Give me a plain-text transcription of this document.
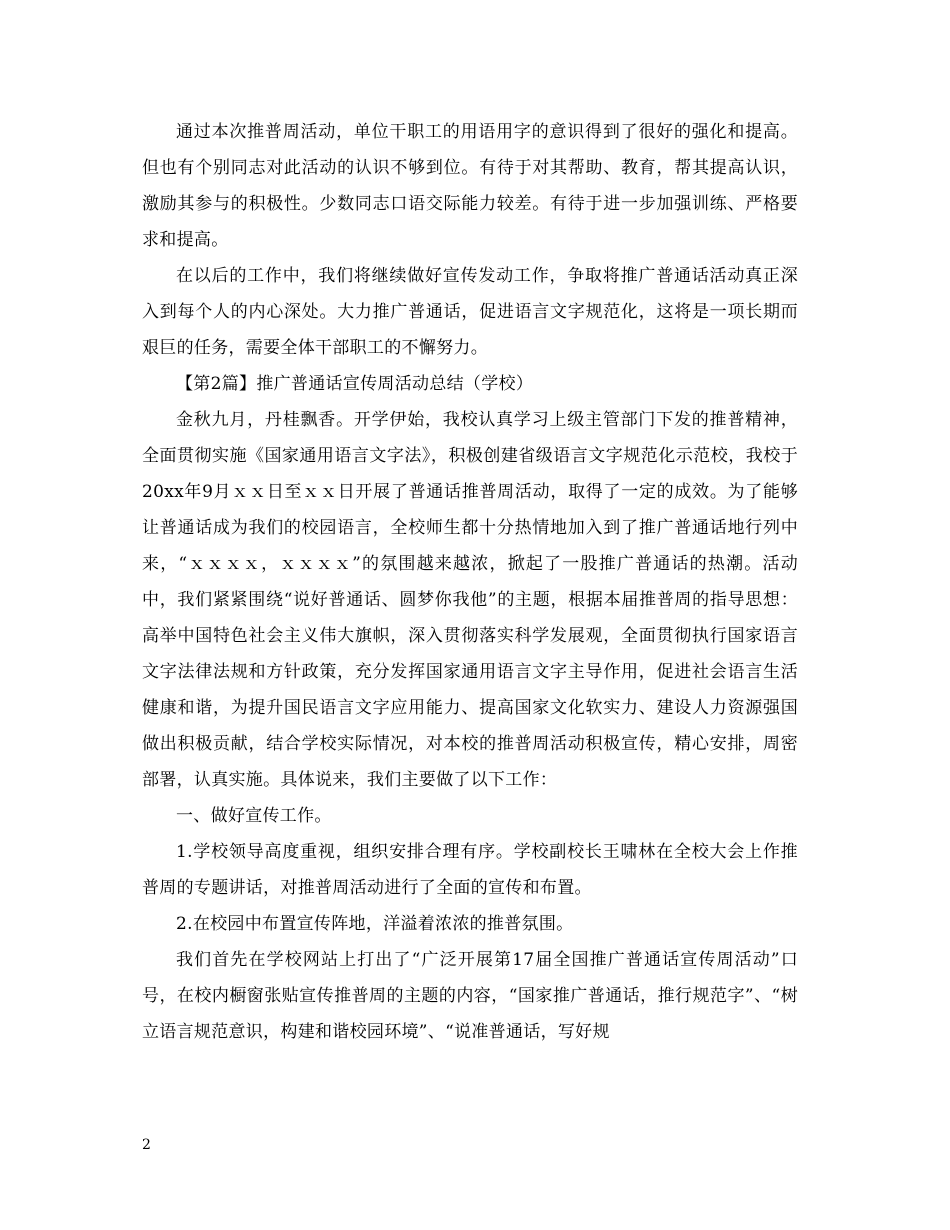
通过本次推普周活动，单位干职工的用语用字的意识得到了很好的强化和提高。但也有个别同志对此活动的认识不够到位。有待于对其帮助、教育，帮其提高认识，激励其参与的积极性。少数同志口语交际能力较差。有待于进一步加强训练、严格要求和提高。

在以后的工作中，我们将继续做好宣传发动工作，争取将推广普通话活动真正深入到每个人的内心深处。大力推广普通话，促进语言文字规范化，这将是一项长期而艰巨的任务，需要全体干部职工的不懈努力。

【第2篇】推广普通话宣传周活动总结（学校）

金秋九月，丹桂飘香。开学伊始，我校认真学习上级主管部门下发的推普精神，全面贯彻实施《国家通用语言文字法》，积极创建省级语言文字规范化示范校，我校于20xx年9月ｘｘ日至ｘｘ日开展了普通话推普周活动，取得了一定的成效。为了能够让普通话成为我们的校园语言，全校师生都十分热情地加入到了推广普通话地行列中来，“ｘｘｘｘ，ｘｘｘｘ”的氛围越来越浓，掀起了一股推广普通话的热潮。活动中，我们紧紧围绕“说好普通话、圆梦你我他”的主题，根据本届推普周的指导思想：高举中国特色社会主义伟大旗帜，深入贯彻落实科学发展观，全面贯彻执行国家语言文字法律法规和方针政策，充分发挥国家通用语言文字主导作用，促进社会语言生活健康和谐，为提升国民语言文字应用能力、提高国家文化软实力、建设人力资源强国做出积极贡献，结合学校实际情况，对本校的推普周活动积极宣传，精心安排，周密部署，认真实施。具体说来，我们主要做了以下工作：

一、做好宣传工作。

1.学校领导高度重视，组织安排合理有序。学校副校长王啸林在全校大会上作推普周的专题讲话，对推普周活动进行了全面的宣传和布置。

2.在校园中布置宣传阵地，洋溢着浓浓的推普氛围。

我们首先在学校网站上打出了“广泛开展第17届全国推广普通话宣传周活动”口号，在校内橱窗张贴宣传推普周的主题的内容，“国家推广普通话，推行规范字”、“树立语言规范意识，构建和谐校园环境”、“说准普通话，写好规

2
